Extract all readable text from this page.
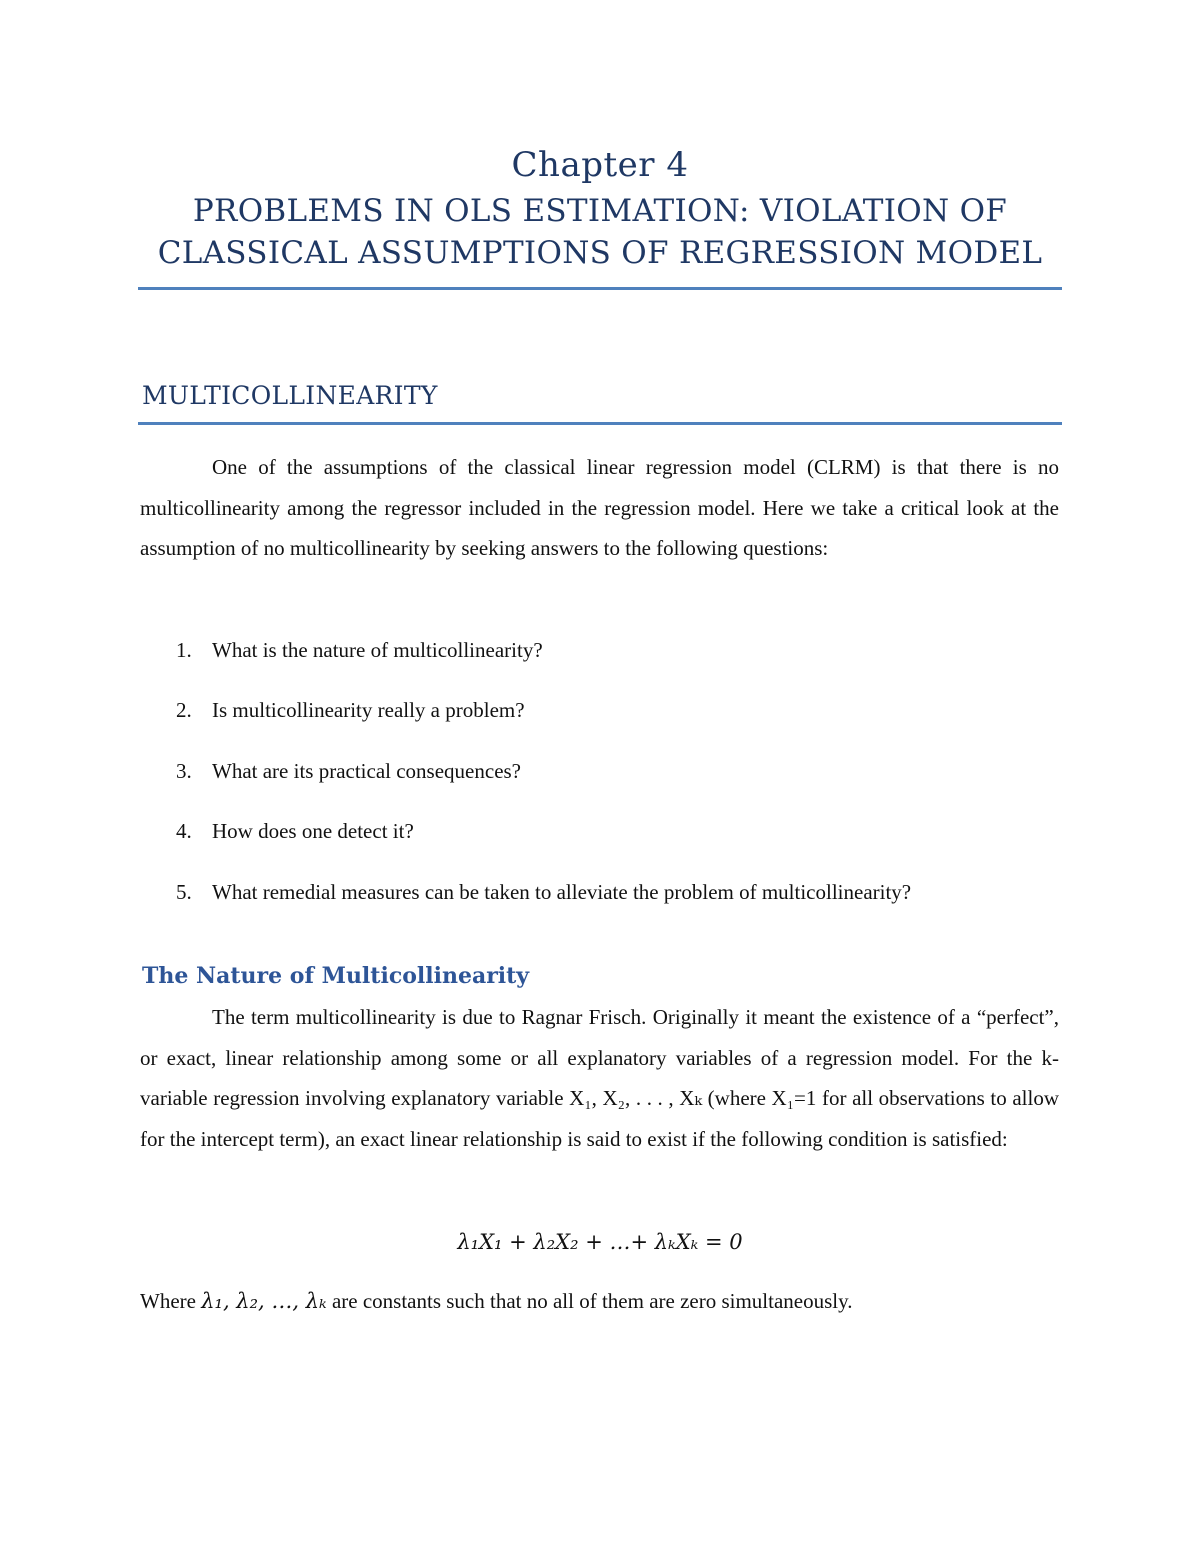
Chapter 4
PROBLEMS IN OLS ESTIMATION: VIOLATION OF
CLASSICAL ASSUMPTIONS OF REGRESSION MODEL
MULTICOLLINEARITY

One of the assumptions of the classical linear regression model (CLRM) is that there is no multicollinearity among the regressor included in the regression model. Here we take a critical look at the assumption of no multicollinearity by seeking answers to the following questions:

1. What is the nature of multicollinearity?
2. Is multicollinearity really a problem?
3. What are its practical consequences?
4. How does one detect it?
5. What remedial measures can be taken to alleviate the problem of multicollinearity?
The Nature of Multicollinearity

The term multicollinearity is due to Ragnar Frisch. Originally it meant the existence of a “perfect”, or exact, linear relationship among some or all explanatory variables of a regression model. For the k-variable regression involving explanatory variable X₁, X₂, . . . , Xₖ (where X₁=1 for all observations to allow for the intercept term), an exact linear relationship is said to exist if the following condition is satisfied:

λ₁X₁ + λ₂X₂ + …+ λₖXₖ = 0
Where λ₁, λ₂, …, λₖ are constants such that no all of them are zero simultaneously.
